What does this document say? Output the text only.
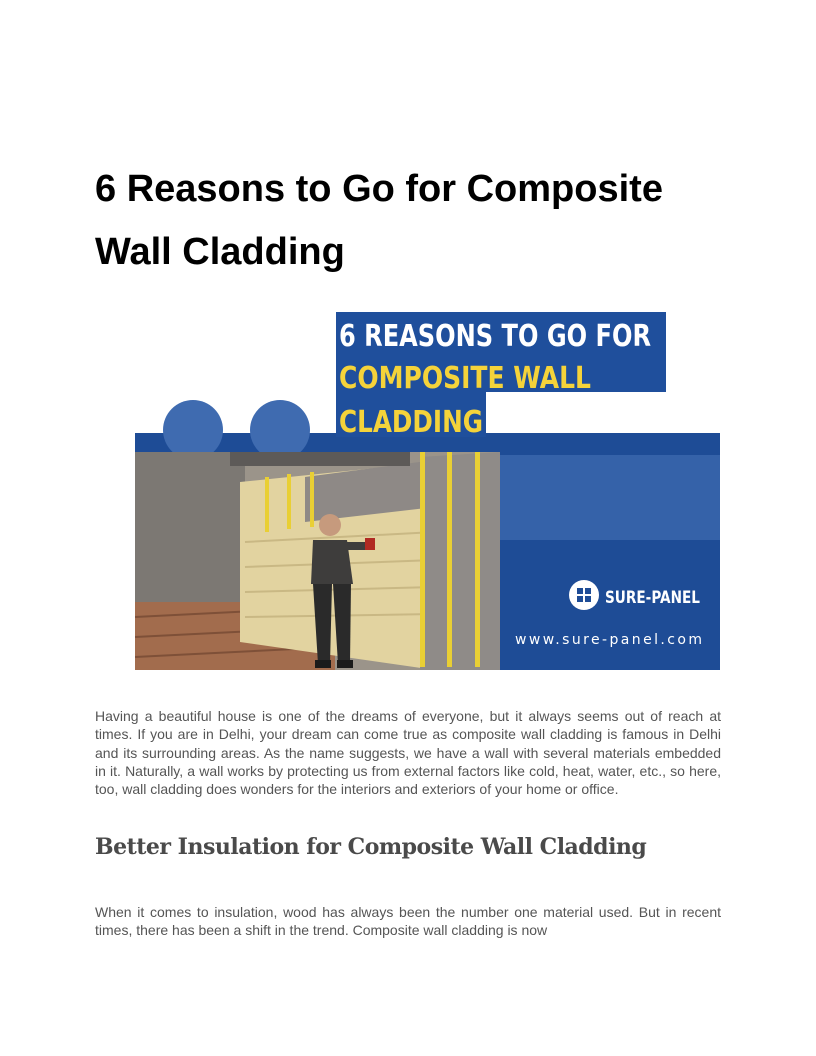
6 Reasons to Go for Composite Wall Cladding
6 REASONS TO GO FOR
COMPOSITE WALL
CLADDING
SURE-PANEL
www.sure-panel.com

Having a beautiful house is one of the dreams of everyone, but it always seems out of reach at times. If you are in Delhi, your dream can come true as composite wall cladding is famous in Delhi and its surrounding areas. As the name suggests, we have a wall with several materials embedded in it. Naturally, a wall works by protecting us from external factors like cold, heat, water, etc., so here, too, wall cladding does wonders for the interiors and exteriors of your home or office.

Better Insulation for Composite Wall Cladding

When it comes to insulation, wood has always been the number one material used. But in recent times, there has been a shift in the trend. Composite wall cladding is now
